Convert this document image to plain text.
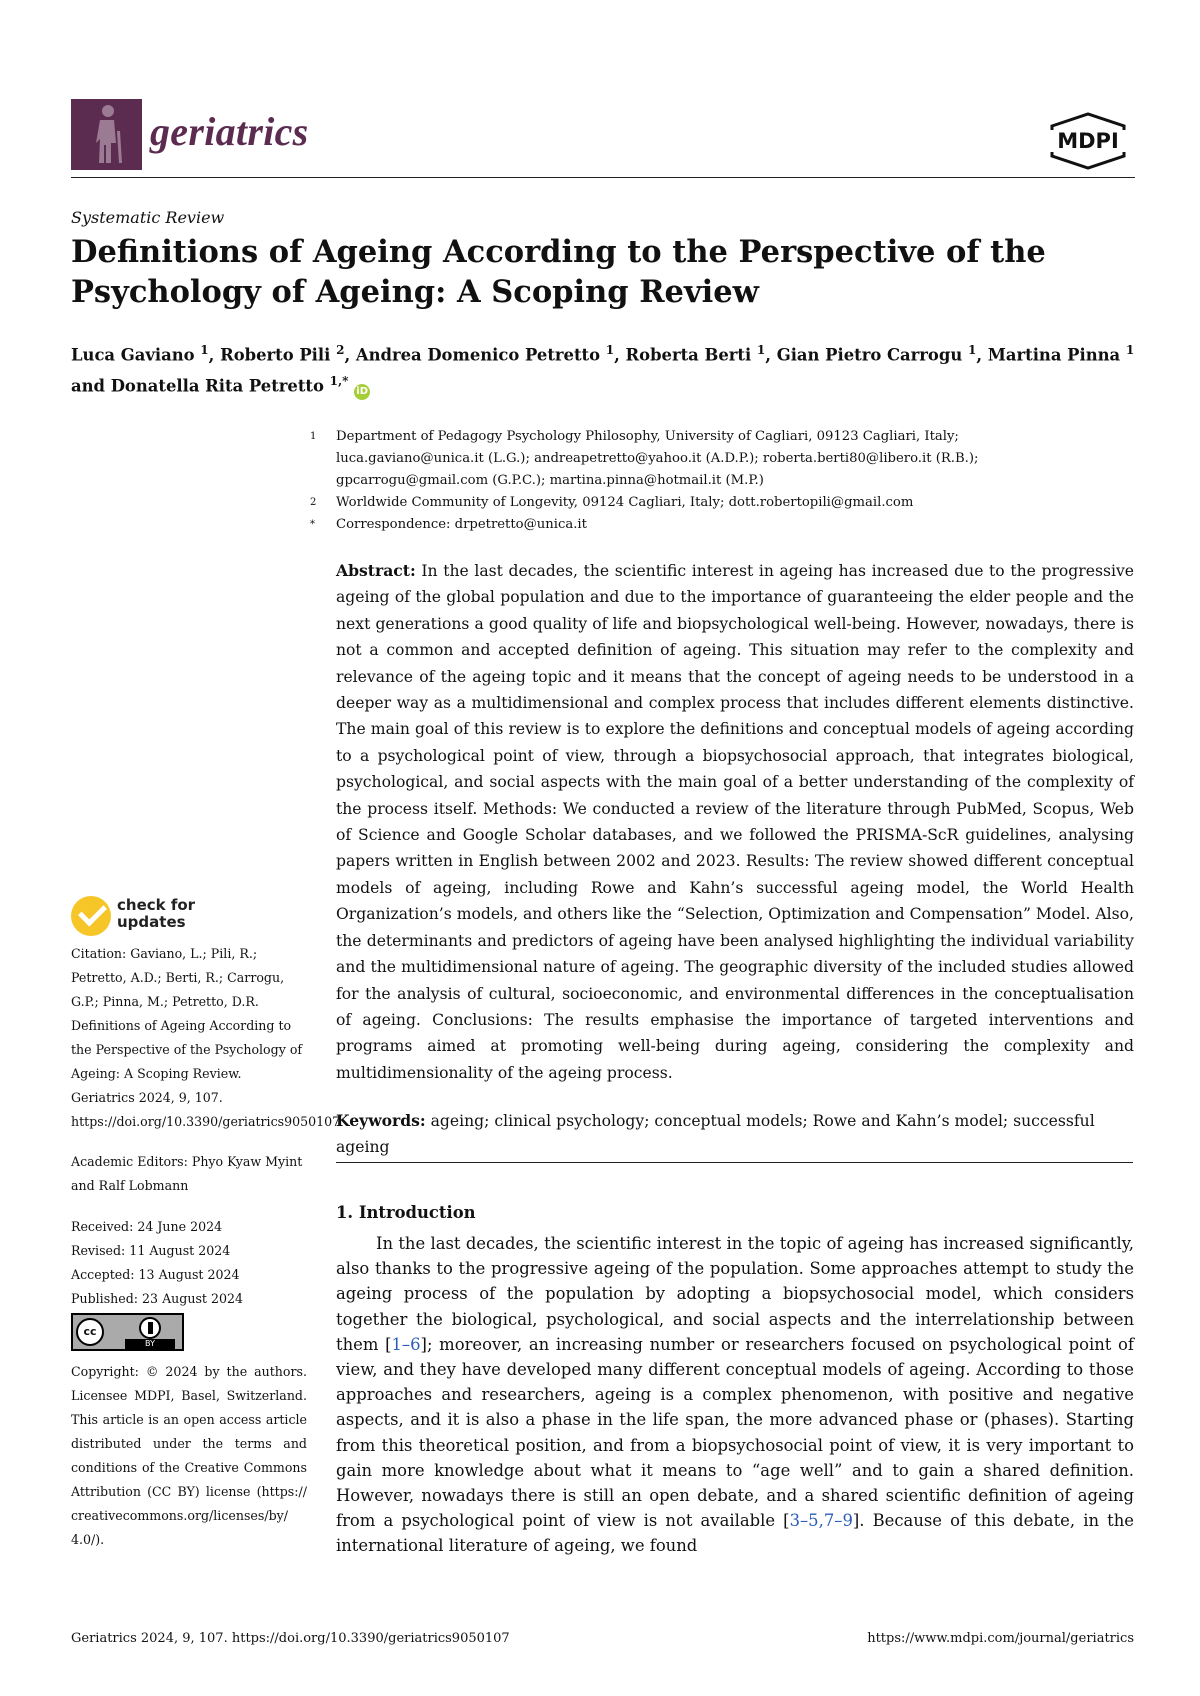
geriatrics	MDPI
Systematic Review
Definitions of Ageing According to the Perspective of the Psychology of Ageing: A Scoping Review
Luca Gaviano $^1$, Roberto Pili $^2$, Andrea Domenico Petretto $^1$, Roberta Berti $^1$, Gian Pietro Carrogu $^1$, Martina Pinna $^1$
and Donatella Rita Petretto $^{1,*}$ iD
1 Department of Pedagogy Psychology Philosophy, University of Cagliari, 09123 Cagliari, Italy;
luca.gaviano@unica.it (L.G.); andreapetretto@yahoo.it (A.D.P.); roberta.berti80@libero.it (R.B.);
gpcarrogu@gmail.com (G.P.C.); martina.pinna@hotmail.it (M.P.)
2 Worldwide Community of Longevity, 09124 Cagliari, Italy; dott.robertopili@gmail.com
* Correspondence: drpetretto@unica.it
Abstract: In the last decades, the scientific interest in ageing has increased due to the progressive ageing of the global population and due to the importance of guaranteeing the elder people and the next generations a good quality of life and biopsychological well-being. However, nowadays, there is not a common and accepted definition of ageing. This situation may refer to the complexity and relevance of the ageing topic and it means that the concept of ageing needs to be understood in a deeper way as a multidimensional and complex process that includes different elements distinctive. The main goal of this review is to explore the definitions and conceptual models of ageing according to a psychological point of view, through a biopsychosocial approach, that integrates biological, psychological, and social aspects with the main goal of a better understanding of the complexity of the process itself. Methods: We conducted a review of the literature through PubMed, Scopus, Web of Science and Google Scholar databases, and we followed the PRISMA-ScR guidelines, analysing papers written in English between 2002 and 2023. Results: The review showed different conceptual models of ageing, including Rowe and Kahn’s successful ageing model, the World Health Organization’s models, and others like the “Selection, Optimization and Compensation” Model. Also, the determinants and predictors of ageing have been analysed highlighting the individual variability and the multidimensional nature of ageing. The geographic diversity of the included studies allowed for the analysis of cultural, socioeconomic, and environmental differences in the conceptualisation of ageing. Conclusions: The results emphasise the importance of targeted interventions and programs aimed at promoting well-being during ageing, considering the complexity and multidimensionality of the ageing process.
Keywords: ageing; clinical psychology; conceptual models; Rowe and Kahn’s model; successful ageing
1. Introduction
In the last decades, the scientific interest in the topic of ageing has increased significantly, also thanks to the progressive ageing of the population. Some approaches attempt to study the ageing process of the population by adopting a biopsychosocial model, which considers together the biological, psychological, and social aspects and the interrelationship between them [1–6]; moreover, an increasing number or researchers focused on psychological point of view, and they have developed many different conceptual models of ageing. According to those approaches and researchers, ageing is a complex phenomenon, with positive and negative aspects, and it is also a phase in the life span, the more advanced phase or (phases). Starting from this theoretical position, and from a biopsychosocial point of view, it is very important to gain more knowledge about what it means to “age well” and to gain a shared definition. However, nowadays there is still an open debate, and a shared scientific definition of ageing from a psychological point of view is not available [3–5,7–9]. Because of this debate, in the international literature of ageing, we found
check for updates
Citation: Gaviano, L.; Pili, R.; Petretto, A.D.; Berti, R.; Carrogu, G.P.; Pinna, M.; Petretto, D.R. Definitions of Ageing According to the Perspective of the Psychology of Ageing: A Scoping Review. Geriatrics 2024, 9, 107. https://doi.org/10.3390/geriatrics9050107
Academic Editors: Phyo Kyaw Myint and Ralf Lobmann
Received: 24 June 2024
Revised: 11 August 2024
Accepted: 13 August 2024
Published: 23 August 2024
cc
BY
Copyright: © 2024 by the authors. Licensee MDPI, Basel, Switzerland. This article is an open access article distributed under the terms and conditions of the Creative Commons Attribution (CC BY) license (https:// creativecommons.org/licenses/by/ 4.0/).
Geriatrics 2024, 9, 107. https://doi.org/10.3390/geriatrics9050107	https://www.mdpi.com/journal/geriatrics
